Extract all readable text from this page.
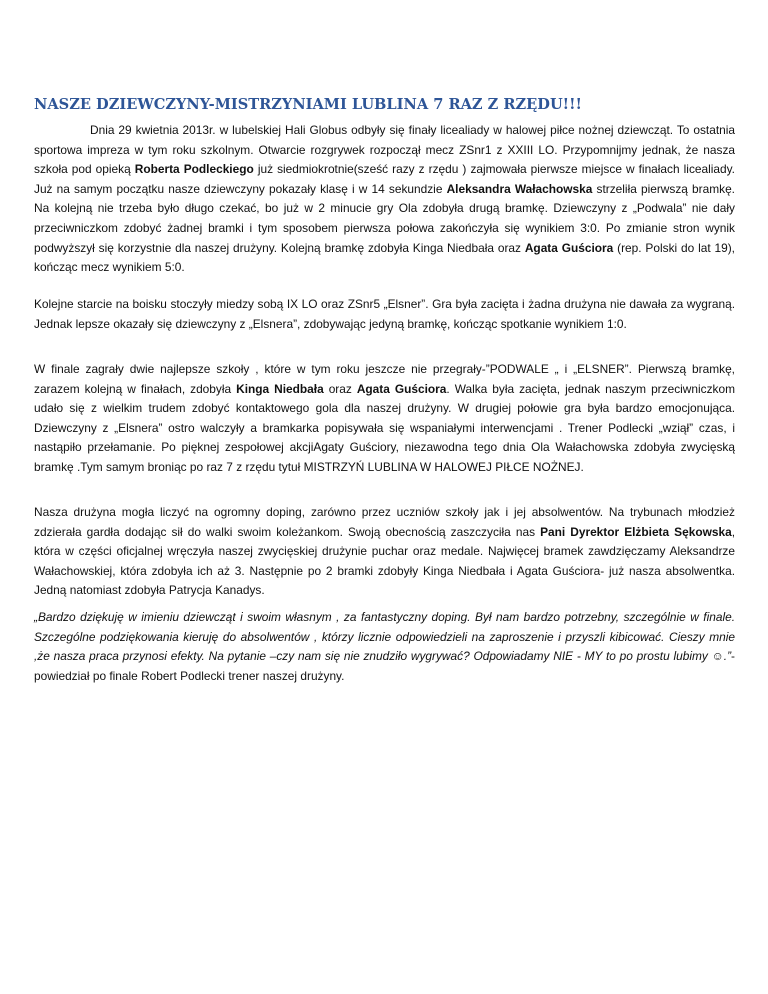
NASZE DZIEWCZYNY-MISTRZYNIAMI LUBLINA 7 RAZ Z RZĘDU!!!

Dnia 29 kwietnia 2013r. w lubelskiej Hali Globus odbyły się finały licealiady w halowej piłce nożnej dziewcząt. To ostatnia sportowa impreza w tym roku szkolnym. Otwarcie rozgrywek rozpoczął mecz ZSnr1 z XXIII LO. Przypomnijmy jednak, że nasza szkoła pod opieką Roberta Podleckiego już siedmiokrotnie(sześć razy z rzędu ) zajmowała pierwsze miejsce w finałach licealiady. Już na samym początku nasze dziewczyny pokazały klasę i w 14 sekundzie Aleksandra Wałachowska strzeliła pierwszą bramkę. Na kolejną nie trzeba było długo czekać, bo już w 2 minucie gry Ola zdobyła drugą bramkę. Dziewczyny z „Podwala” nie dały przeciwniczkom zdobyć żadnej bramki i tym sposobem pierwsza połowa zakończyła się wynikiem 3:0. Po zmianie stron wynik podwyższył się korzystnie dla naszej drużyny. Kolejną bramkę zdobyła Kinga Niedbała oraz Agata Guściora (rep. Polski do lat 19), kończąc mecz wynikiem 5:0.

Kolejne starcie na boisku stoczyły miedzy sobą IX LO oraz ZSnr5 „Elsner”. Gra była zacięta i żadna drużyna nie dawała za wygraną. Jednak lepsze okazały się dziewczyny z „Elsnera”, zdobywając jedyną bramkę, kończąc spotkanie wynikiem 1:0.

W finale zagrały dwie najlepsze szkoły , które w tym roku jeszcze nie przegrały-”PODWALE „ i „ELSNER”. Pierwszą bramkę, zarazem kolejną w finałach, zdobyła Kinga Niedbała oraz Agata Guściora. Walka była zacięta, jednak naszym przeciwniczkom udało się z wielkim trudem zdobyć kontaktowego gola dla naszej drużyny. W drugiej połowie gra była bardzo emocjonująca. Dziewczyny z „Elsnera” ostro walczyły a bramkarka popisywała się wspaniałymi interwencjami . Trener Podlecki „wziął” czas, i nastąpiło przełamanie. Po pięknej zespołowej akcjiAgaty Guściory, niezawodna tego dnia Ola Wałachowska zdobyła zwycięską bramkę .Tym samym broniąc po raz 7 z rzędu tytuł MISTRZYŃ LUBLINA W HALOWEJ PIŁCE NOŻNEJ.

Nasza drużyna mogła liczyć na ogromny doping, zarówno przez uczniów szkoły jak i jej absolwentów. Na trybunach młodzież zdzierała gardła dodając sił do walki swoim koleżankom. Swoją obecnością zaszczyciła nas Pani Dyrektor Elżbieta Sękowska, która w części oficjalnej wręczyła naszej zwycięskiej drużynie puchar oraz medale. Najwięcej bramek zawdzięczamy Aleksandrze Wałachowskiej, która zdobyła ich aż 3. Następnie po 2 bramki zdobyły Kinga Niedbała i Agata Guściora- już nasza absolwentka. Jedną natomiast zdobyła Patrycja Kanadys.

„Bardzo dziękuję w imieniu dziewcząt i swoim własnym , za fantastyczny doping. Był nam bardzo potrzebny, szczególnie w finale. Szczególne podziękowania kieruję do absolwentów , którzy licznie odpowiedzieli na zaproszenie i przyszli kibicować. Cieszy mnie ,że nasza praca przynosi efekty. Na pytanie –czy nam się nie znudziło wygrywać? Odpowiadamy NIE - MY to po prostu lubimy ☺.”-powiedział po finale Robert Podlecki trener naszej drużyny.
